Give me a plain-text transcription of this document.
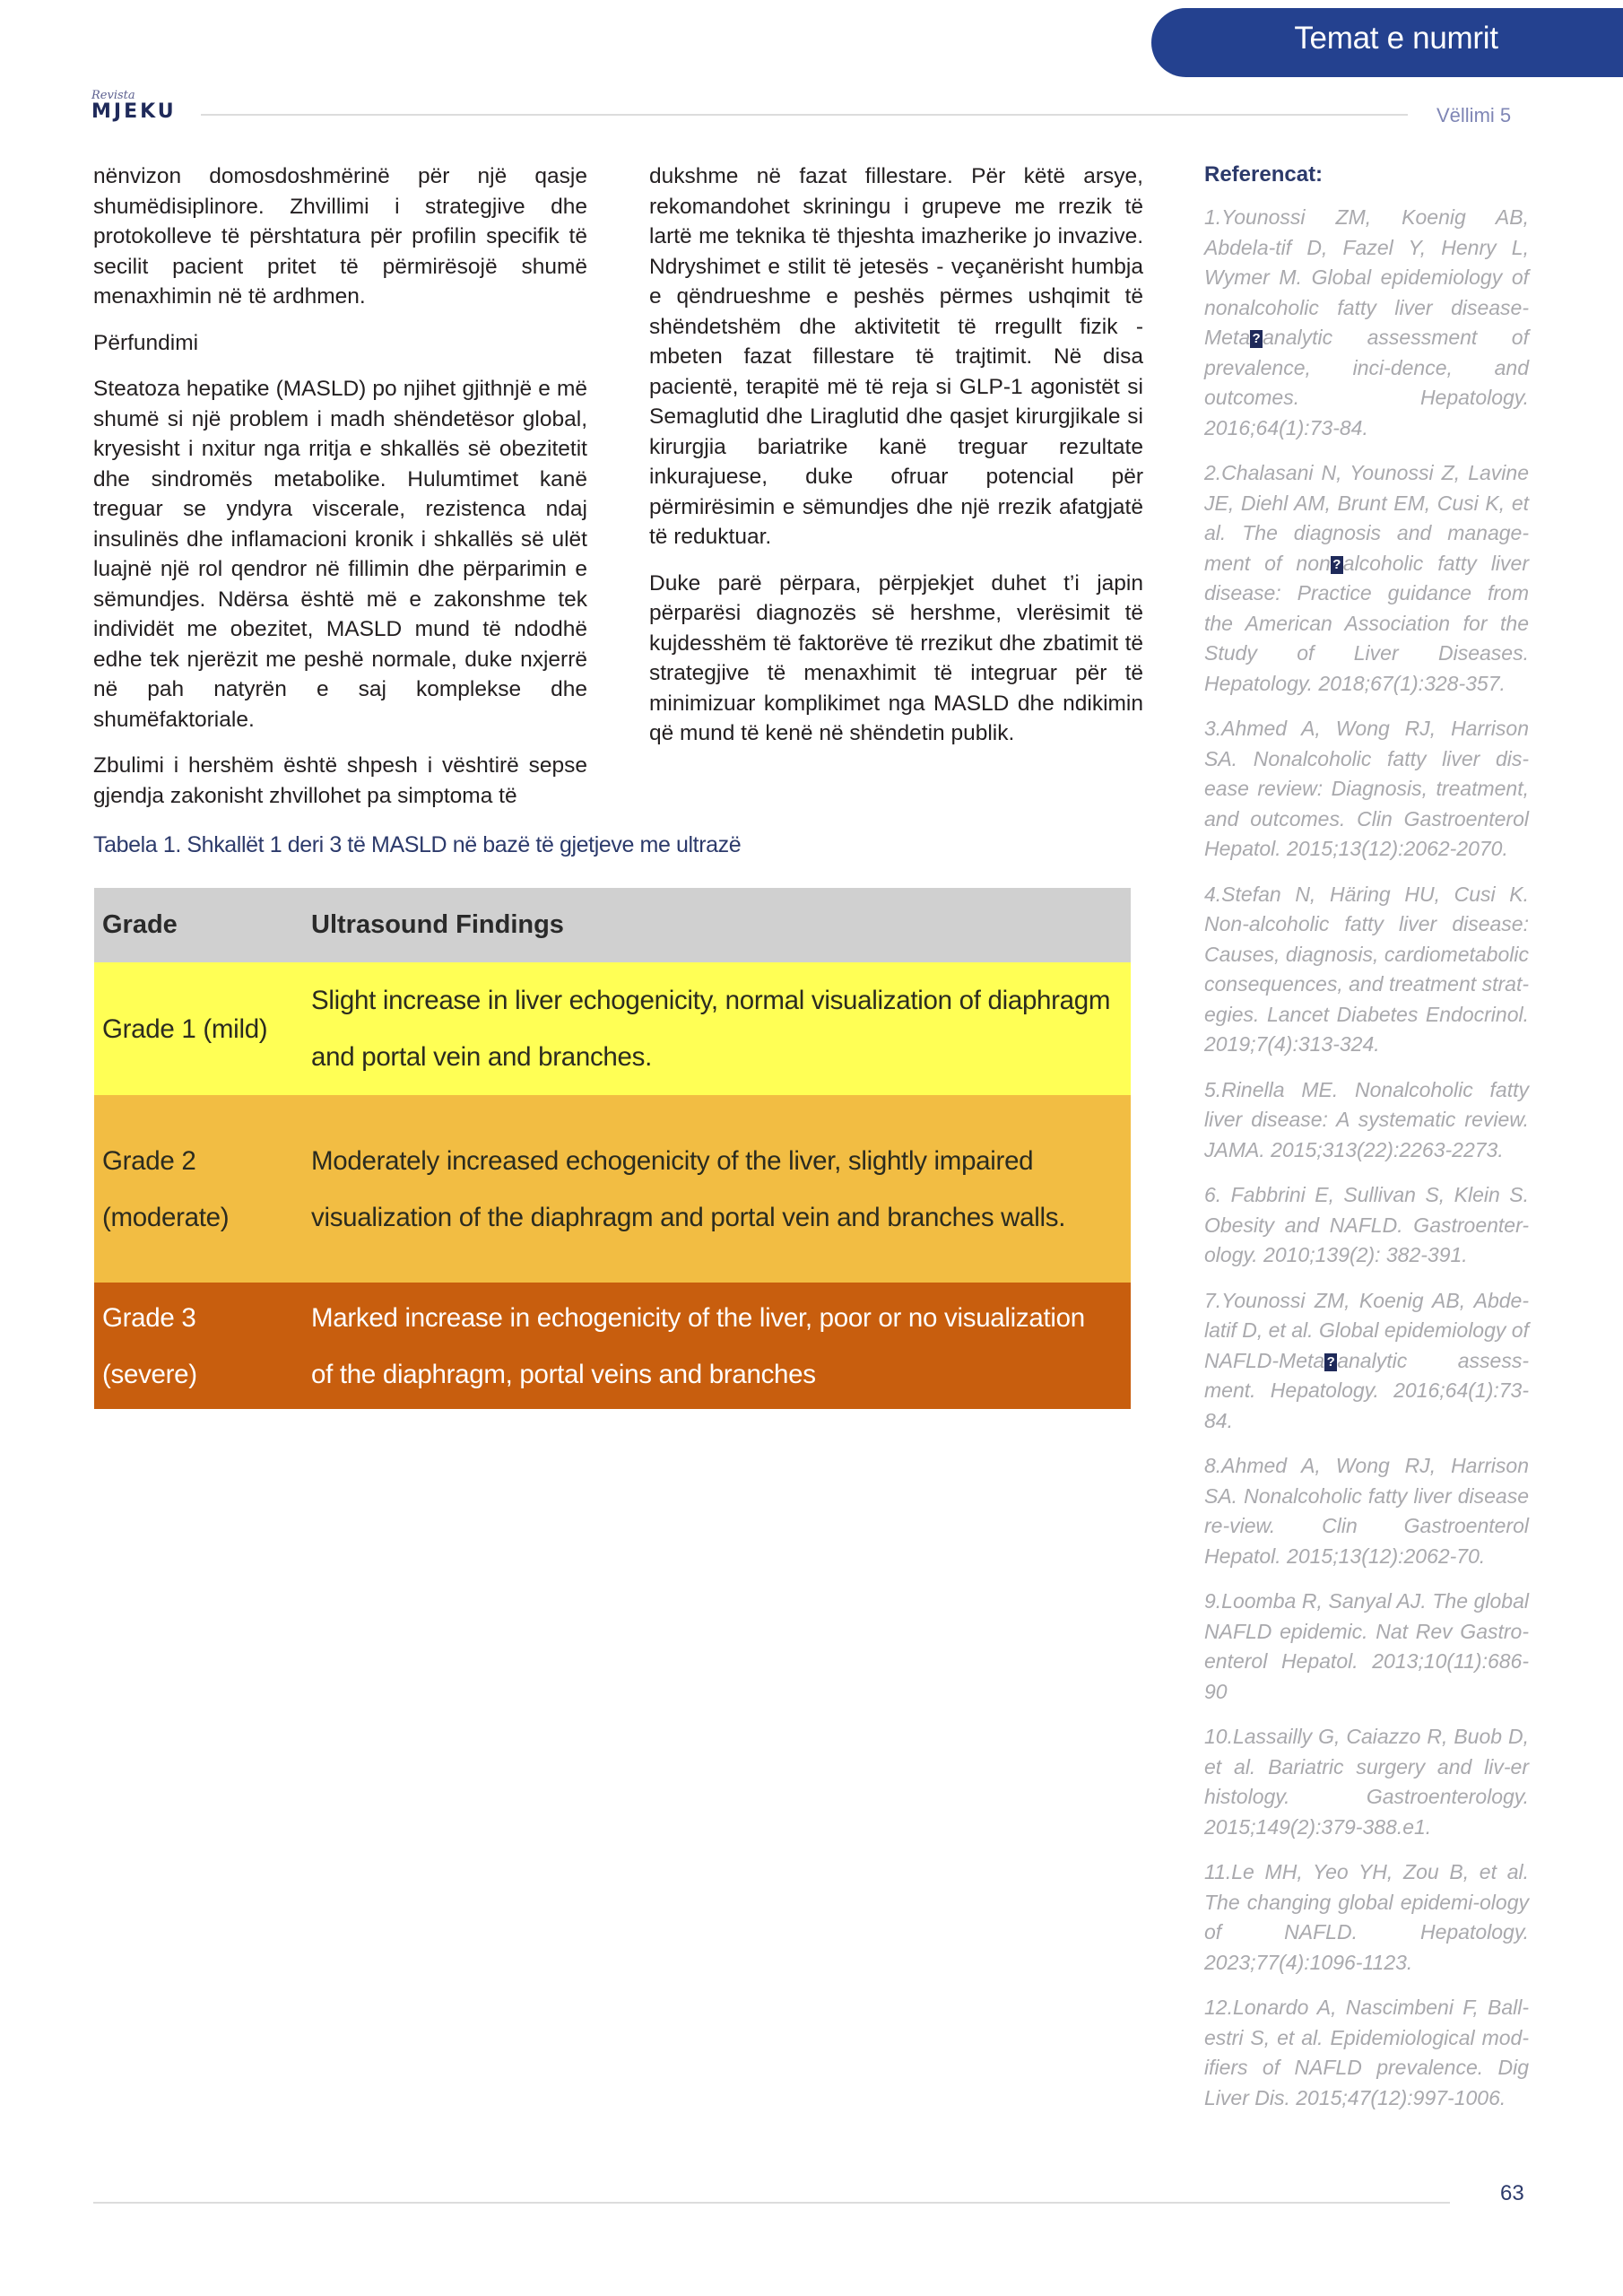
Temat e numrit
Revista
MJEKU	Vëllimi 5

nënvizon domosdoshmërinë për një qasje shumëdisiplinore. Zhvillimi i strategjive dhe protokolleve të përshtatura për profilin specifik të secilit pacient pritet të përmirësojë shumë menaxhimin në të ardhmen.

Përfundimi

Steatoza hepatike (MASLD) po njihet gjithnjë e më shumë si një problem i madh shëndetësor global, kryesisht i nxitur nga rritja e shkallës së obezitetit dhe sindromës metabolike. Hulumtimet kanë treguar se yndyra viscerale, rezistenca ndaj insulinës dhe inflamacioni kronik i shkallës së ulët luajnë një rol qendror në fillimin dhe përparimin e sëmundjes. Ndërsa është më e zakonshme tek individët me obezitet, MASLD mund të ndodhë edhe tek njerëzit me peshë normale, duke nxjerrë në pah natyrën e saj komplekse dhe shumëfaktoriale.

Zbulimi i hershëm është shpesh i vështirë sepse gjendja zakonisht zhvillohet pa simptoma të

dukshme në fazat fillestare. Për këtë arsye, rekomandohet skriningu i grupeve me rrezik të lartë me teknika të thjeshta imazherike jo invazive. Ndryshimet e stilit të jetesës - veçanërisht humbja e qëndrueshme e peshës përmes ushqimit të shëndetshëm dhe aktivitetit të rregullt fizik - mbeten fazat fillestare të trajtimit. Në disa pacientë, terapitë më të reja si GLP-1 agonistët si Semaglutid dhe Liraglutid dhe qasjet kirurgjikale si kirurgjia bariatrike kanë treguar rezultate inkurajuese, duke ofruar potencial për përmirësimin e sëmundjes dhe një rrezik afatgjatë të reduktuar.

Duke parë përpara, përpjekjet duhet t’i japin përparësi diagnozës së hershme, vlerësimit të kujdesshëm të faktorëve të rrezikut dhe zbatimit të strategjive të menaxhimit të integruar për të minimizuar komplikimet nga MASLD dhe ndikimin që mund të kenë në shëndetin publik.

Referencat:

1.Younossi ZM, Koenig AB, Abdela-tif D, Fazel Y, Henry L, Wymer M. Global epidemiology of nonalcoholic fatty liver disease-Meta ? analytic assessment of prevalence, inci-dence, and outcomes. Hepatology. 2016;64(1):73-84.

2.Chalasani N, Younossi Z, Lavine JE, Diehl AM, Brunt EM, Cusi K, et al. The diagnosis and manage-ment of non ? alcoholic fatty liver disease: Practice guidance from the American Association for the Study of Liver Diseases. Hepatology. 2018;67(1):328-357.

3.Ahmed A, Wong RJ, Harrison SA. Nonalcoholic fatty liver dis-ease review: Diagnosis, treatment, and outcomes. Clin Gastroenterol Hepatol. 2015;13(12):2062-2070.

4.Stefan N, Häring HU, Cusi K. Non-alcoholic fatty liver disease: Causes, diagnosis, cardiometabolic consequences, and treatment strat-egies. Lancet Diabetes Endocrinol. 2019;7(4):313-324.

5.Rinella ME. Nonalcoholic fatty liver disease: A systematic review. JAMA. 2015;313(22):2263-2273.

6. Fabbrini E, Sullivan S, Klein S. Obesity and NAFLD. Gastroenter-ology. 2010;139(2): 382-391.

7.Younossi ZM, Koenig AB, Abde-latif D, et al. Global epidemiology of NAFLD-Meta ? analytic assess-ment. Hepatology. 2016;64(1):73-84.

8.Ahmed A, Wong RJ, Harrison SA. Nonalcoholic fatty liver disease re-view. Clin Gastroenterol Hepatol. 2015;13(12):2062-70.

9.Loomba R, Sanyal AJ. The global NAFLD epidemic. Nat Rev Gastro-enterol Hepatol. 2013;10(11):686-90

10.Lassailly G, Caiazzo R, Buob D, et al. Bariatric surgery and liv-er histology. Gastroenterology. 2015;149(2):379-388.e1.

11.Le MH, Yeo YH, Zou B, et al. The changing global epidemi-ology of NAFLD. Hepatology. 2023;77(4):1096-1123.

12.Lonardo A, Nascimbeni F, Ball-estri S, et al. Epidemiological mod-ifiers of NAFLD prevalence. Dig Liver Dis. 2015;47(12):997-1006.

Tabela 1. Shkallët 1 deri 3 të MASLD në bazë të gjetjeve me ultrazë
Grade	Ultrasound Findings
Grade 1 (mild)
Slight increase in liver echogenicity, normal visualization of diaphragm and portal vein and branches.
Grade 2
(moderate)
Moderately increased echogenicity of the liver, slightly impaired visualization of the diaphragm and portal vein and branches walls.
Grade 3
(severe)
Marked increase in echogenicity of the liver, poor or no visualization of the diaphragm, portal veins and branches
63
